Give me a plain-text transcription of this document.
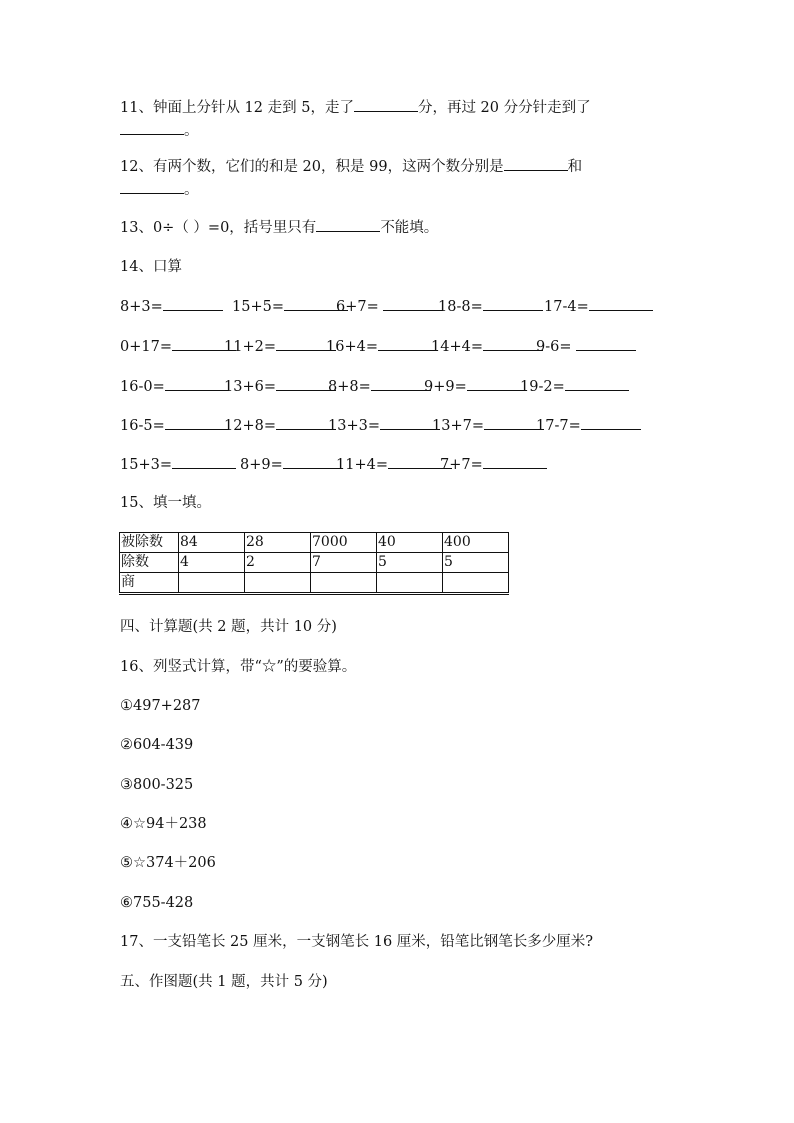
11、钟面上分针从 12 走到 5，走了	分，再过 20 分分针走到了
。
12、有两个数，它们的和是 20，积是 99，这两个数分别是	和
。
13、0÷（ ）=0，括号里只有	不能填。
14、口算
8+3=	15+5=	6+7=	18-8=	17-4=
0+17=	11+2=	16+4=	14+4=	9-6=
16-0=	13+6=	8+8=	9+9=	19-2=
16-5=	12+8=	13+3=	13+7=	17-7=
15+3=	8+9=	11+4=	7+7=
15、填一填。
被除数	84	28	7000	40	400
除数	4	2	7	5	5
商					
四、计算题(共 2 题，共计 10 分)
16、列竖式计算，带“☆”的要验算。
①497+287
②604-439
③800-325
④☆94＋238
⑤☆374＋206
⑥755-428
17、一支铅笔长 25 厘米，一支钢笔长 16 厘米，铅笔比钢笔长多少厘米?
五、作图题(共 1 题，共计 5 分)
